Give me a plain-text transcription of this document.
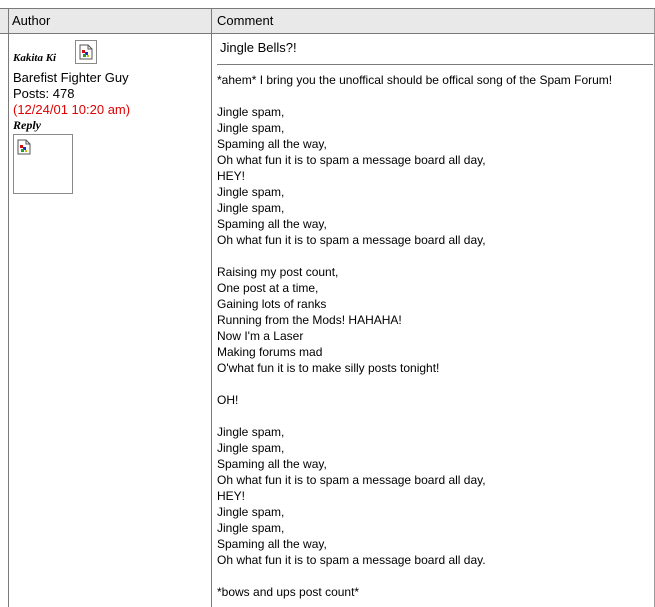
Author	Comment
Kakita Ki
Barefist Fighter Guy
Posts: 478
(12/24/01 10:20 am)
Reply
Jingle Bells?!
*ahem* I bring you the unoffical should be offical song of the Spam Forum!
Jingle spam,
Jingle spam,
Spaming all the way,
Oh what fun it is to spam a message board all day,
HEY!
Jingle spam,
Jingle spam,
Spaming all the way,
Oh what fun it is to spam a message board all day,
Raising my post count,
One post at a time,
Gaining lots of ranks
Running from the Mods! HAHAHA!
Now I'm a Laser
Making forums mad
O'what fun it is to make silly posts tonight!
OH!
Jingle spam,
Jingle spam,
Spaming all the way,
Oh what fun it is to spam a message board all day,
HEY!
Jingle spam,
Jingle spam,
Spaming all the way,
Oh what fun it is to spam a message board all day.
*bows and ups post count*
